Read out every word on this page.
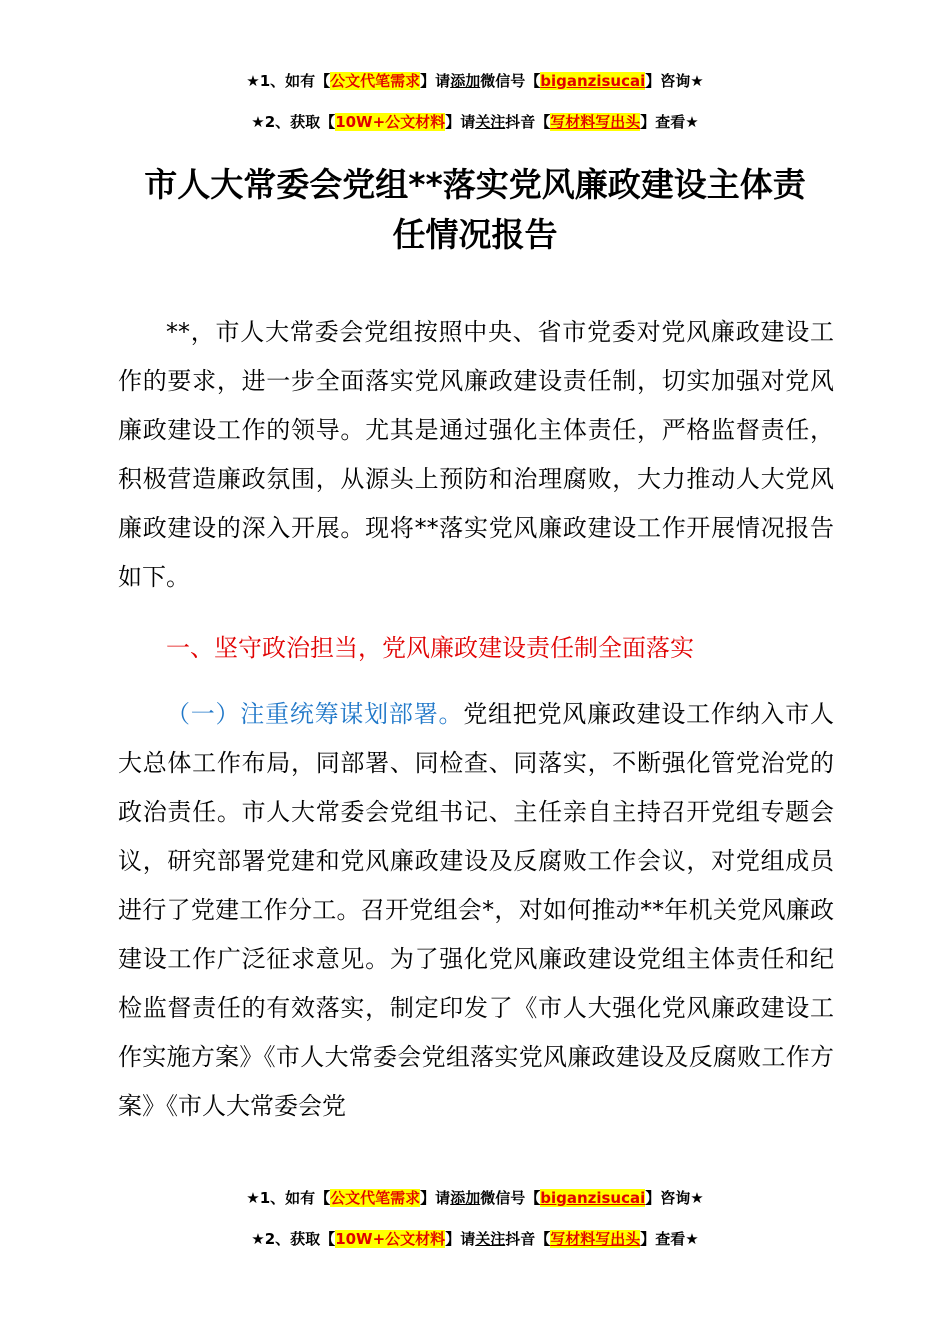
★1、如有【公文代笔需求】请添加微信号【biganzisucai】咨询★
★2、获取【10W+公文材料】请关注抖音【写材料写出头】查看★
市人大常委会党组**落实党风廉政建设主体责
任情况报告
**，市人大常委会党组按照中央、省市党委对党风廉政建设工作的要求，进一步全面落实党风廉政建设责任制，切实加强对党风廉政建设工作的领导。尤其是通过强化主体责任，严格监督责任，积极营造廉政氛围，从源头上预防和治理腐败，大力推动人大党风廉政建设的深入开展。现将**落实党风廉政建设工作开展情况报告如下。
一、坚守政治担当，党风廉政建设责任制全面落实
（一）注重统筹谋划部署。党组把党风廉政建设工作纳入市人大总体工作布局，同部署、同检查、同落实，不断强化管党治党的政治责任。市人大常委会党组书记、主任亲自主持召开党组专题会议，研究部署党建和党风廉政建设及反腐败工作会议，对党组成员进行了党建工作分工。召开党组会*，对如何推动**年机关党风廉政建设工作广泛征求意见。为了强化党风廉政建设党组主体责任和纪检监督责任的有效落实，制定印发了《市人大强化党风廉政建设工作实施方案》《市人大常委会党组落实党风廉政建设及反腐败工作方案》《市人大常委会党
★1、如有【公文代笔需求】请添加微信号【biganzisucai】咨询★
★2、获取【10W+公文材料】请关注抖音【写材料写出头】查看★
